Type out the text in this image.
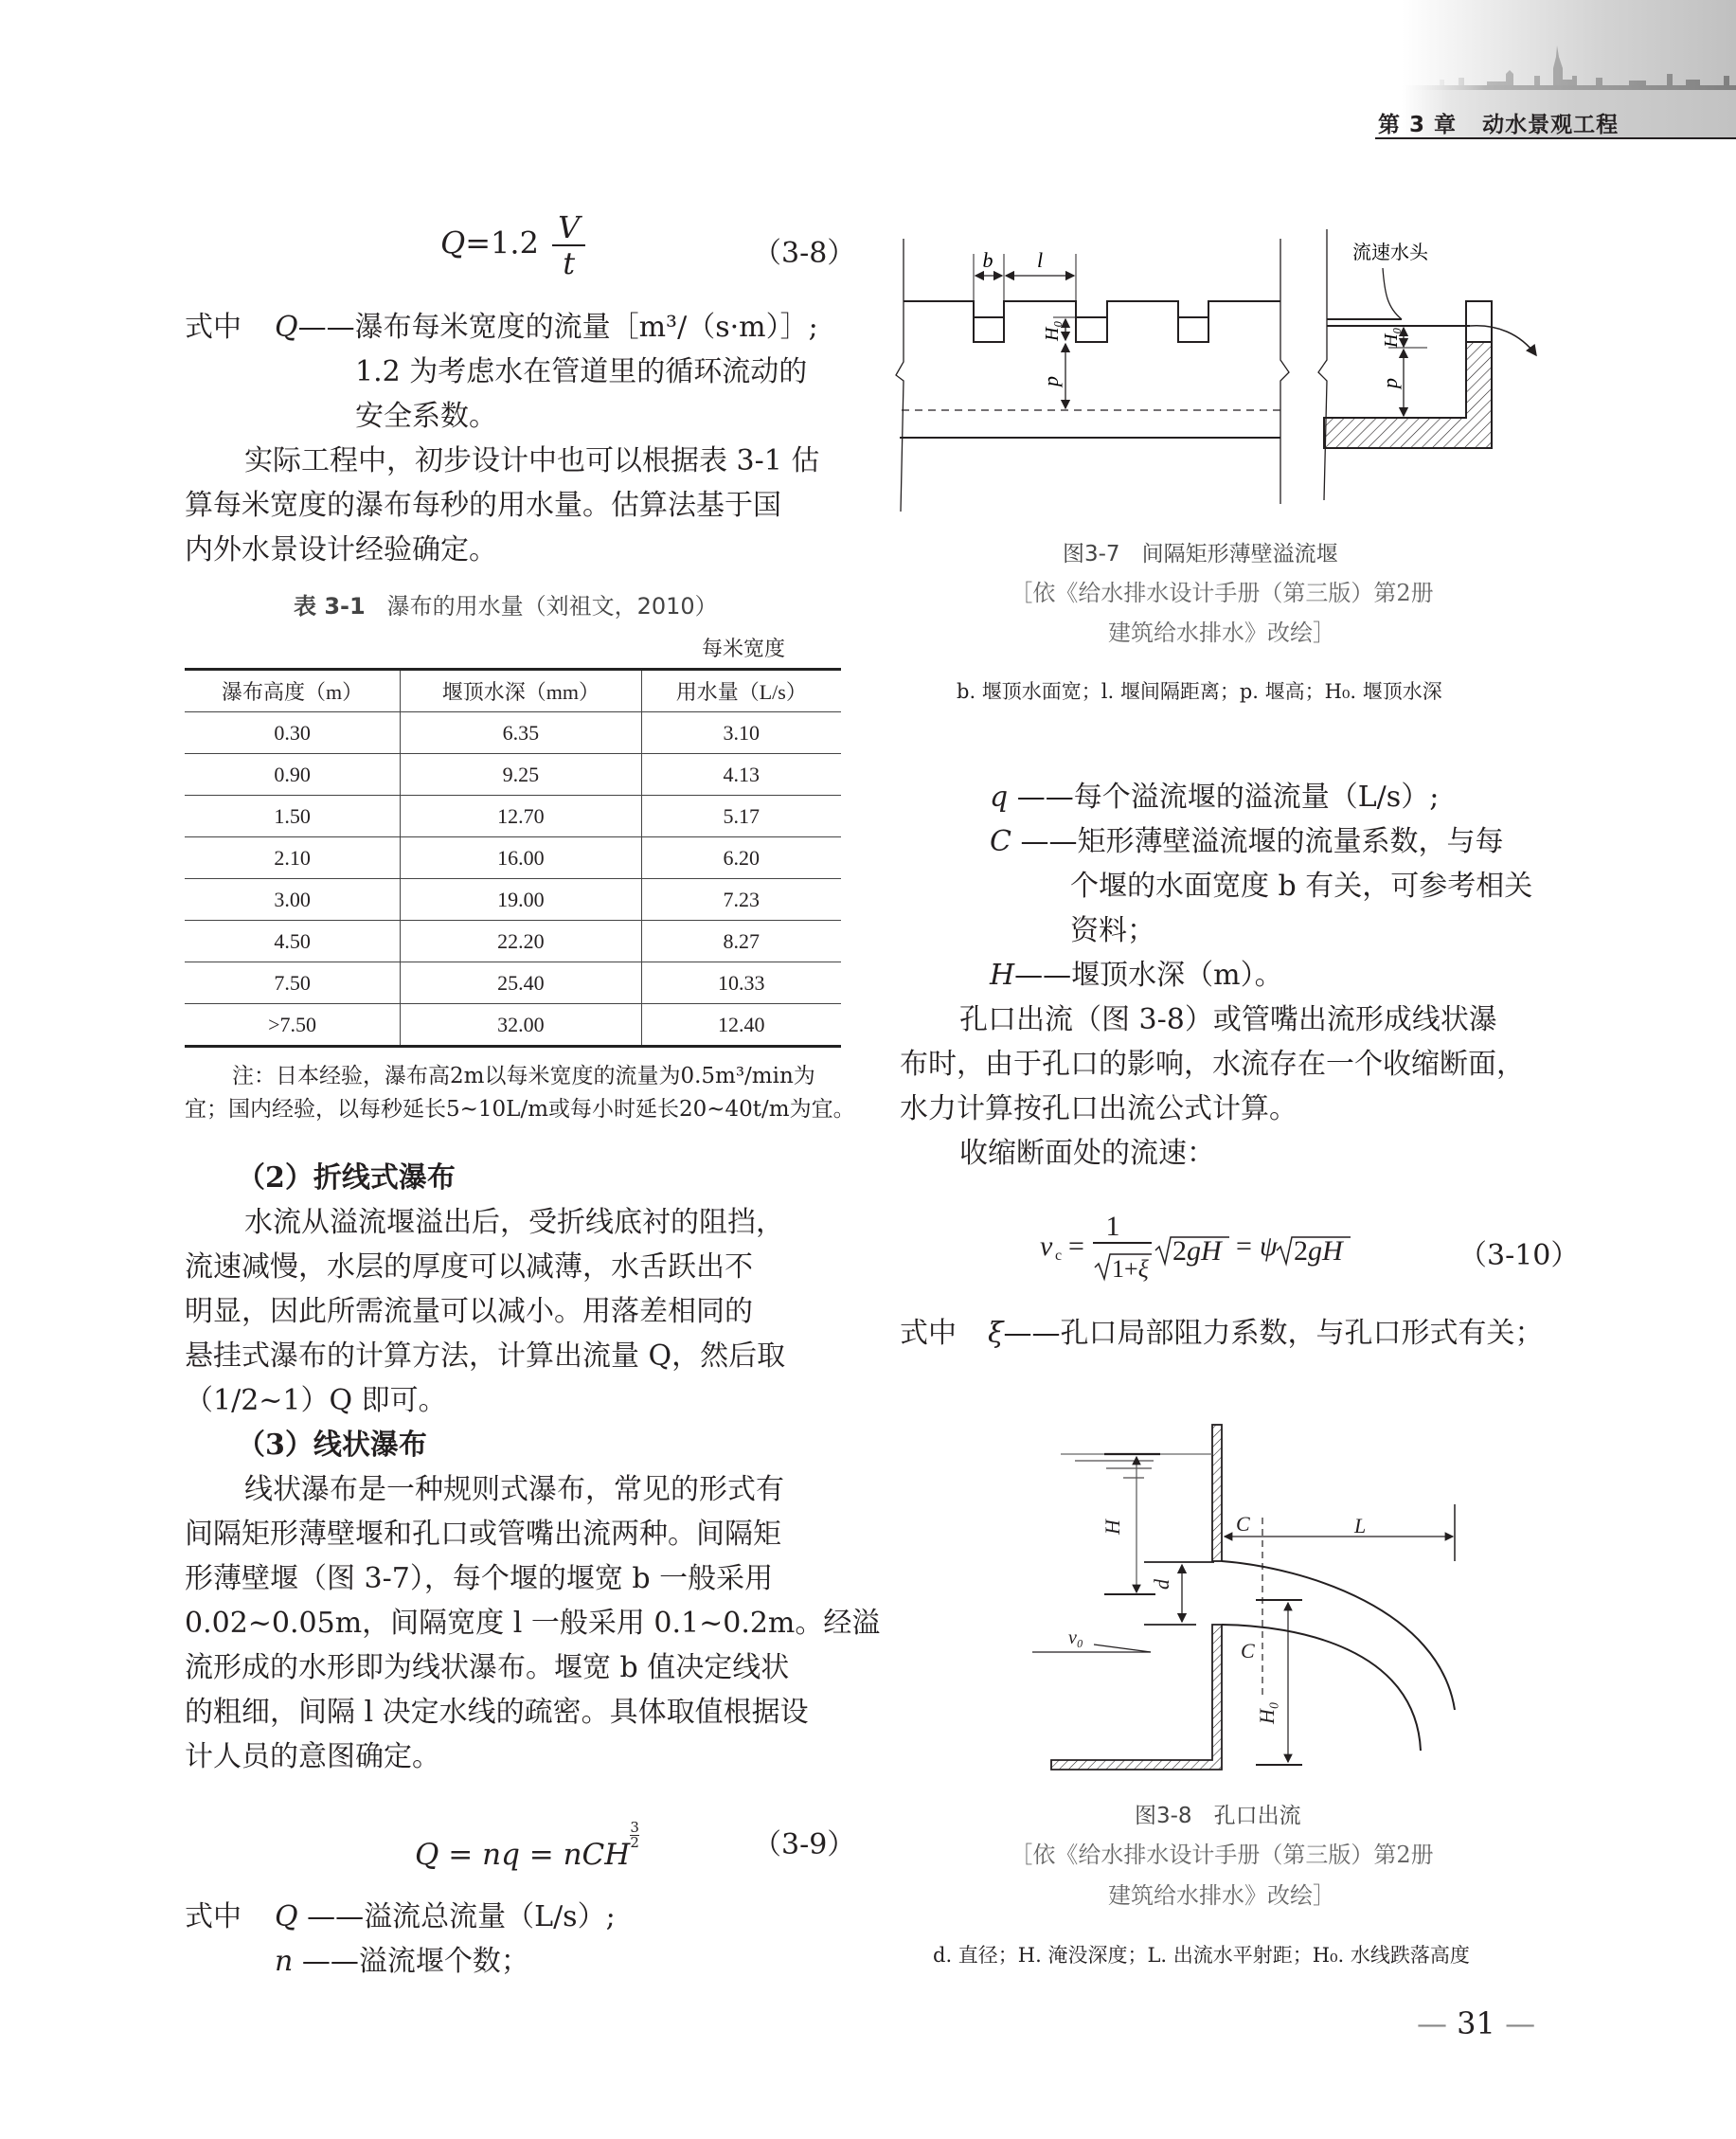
第 3 章 动水景观工程
$Q=1.2 \frac{V}{t}$	（3-8）
式中 Q——瀑布每米宽度的流量［m³/（s·m）］;
1.2 为考虑水在管道里的循环流动的
安全系数。
实际工程中，初步设计中也可以根据表 3-1 估
算每米宽度的瀑布每秒的用水量。估算法基于国
内外水景设计经验确定。
表 3-1 瀑布的用水量（刘祖文，2010）
每米宽度
瀑布高度（m）	堰顶水深（mm）	用水量（L/s）
0.30	6.35	3.10
0.90	9.25	4.13
1.50	12.70	5.17
2.10	16.00	6.20
3.00	19.00	7.23
4.50	22.20	8.27
7.50	25.40	10.33
>7.50	32.00	12.40
注：日本经验，瀑布高2m以每米宽度的流量为0.5m³/min为
宜；国内经验，以每秒延长5~10L/m或每小时延长20~40t/m为宜。
（2）折线式瀑布
水流从溢流堰溢出后，受折线底衬的阻挡，
流速减慢，水层的厚度可以减薄，水舌跃出不
明显，因此所需流量可以减小。用落差相同的
悬挂式瀑布的计算方法，计算出流量 Q，然后取
（1/2~1）Q 即可。
（3）线状瀑布
线状瀑布是一种规则式瀑布，常见的形式有
间隔矩形薄壁堰和孔口或管嘴出流两种。间隔矩
形薄壁堰（图 3-7），每个堰的堰宽 b 一般采用
0.02~0.05m，间隔宽度 l 一般采用 0.1~0.2m。经溢
流形成的水形即为线状瀑布。堰宽 b 值决定线状
的粗细，间隔 l 决定水线的疏密。具体取值根据设
计人员的意图确定。
Q = nq = nCH
$\frac{3}{2}$	（3-9）
式中 Q ——溢流总流量（L/s）;
n ——溢流堰个数；
b l
H₀
p
H₀
p
流速水头
图3-7　间隔矩形薄壁溢流堰
［依《给水排水设计手册（第三版）第2册
建筑给水排水》改绘］
b. 堰顶水面宽；l. 堰间隔距离；p. 堰高；H₀. 堰顶水深
q ——每个溢流堰的溢流量（L/s）;
C ——矩形薄壁溢流堰的流量系数，与每
个堰的水面宽度 b 有关，可参考相关
资料；
H——堰顶水深（m）。
孔口出流（图 3-8）或管嘴出流形成线状瀑
布时，由于孔口的影响，水流存在一个收缩断面，
水力计算按孔口出流公式计算。
收缩断面处的流速：
v c =
1
1+ξ
2gH = ψ 2gH	（3-10）
式中 ξ——孔口局部阻力系数，与孔口形式有关；
H
d
C	L
C
H₀
v₀
图3-8　孔口出流
［依《给水排水设计手册（第三版）第2册
建筑给水排水》改绘］
d. 直径；H. 淹没深度；L. 出流水平射距；H₀. 水线跌落高度
— 31 —
